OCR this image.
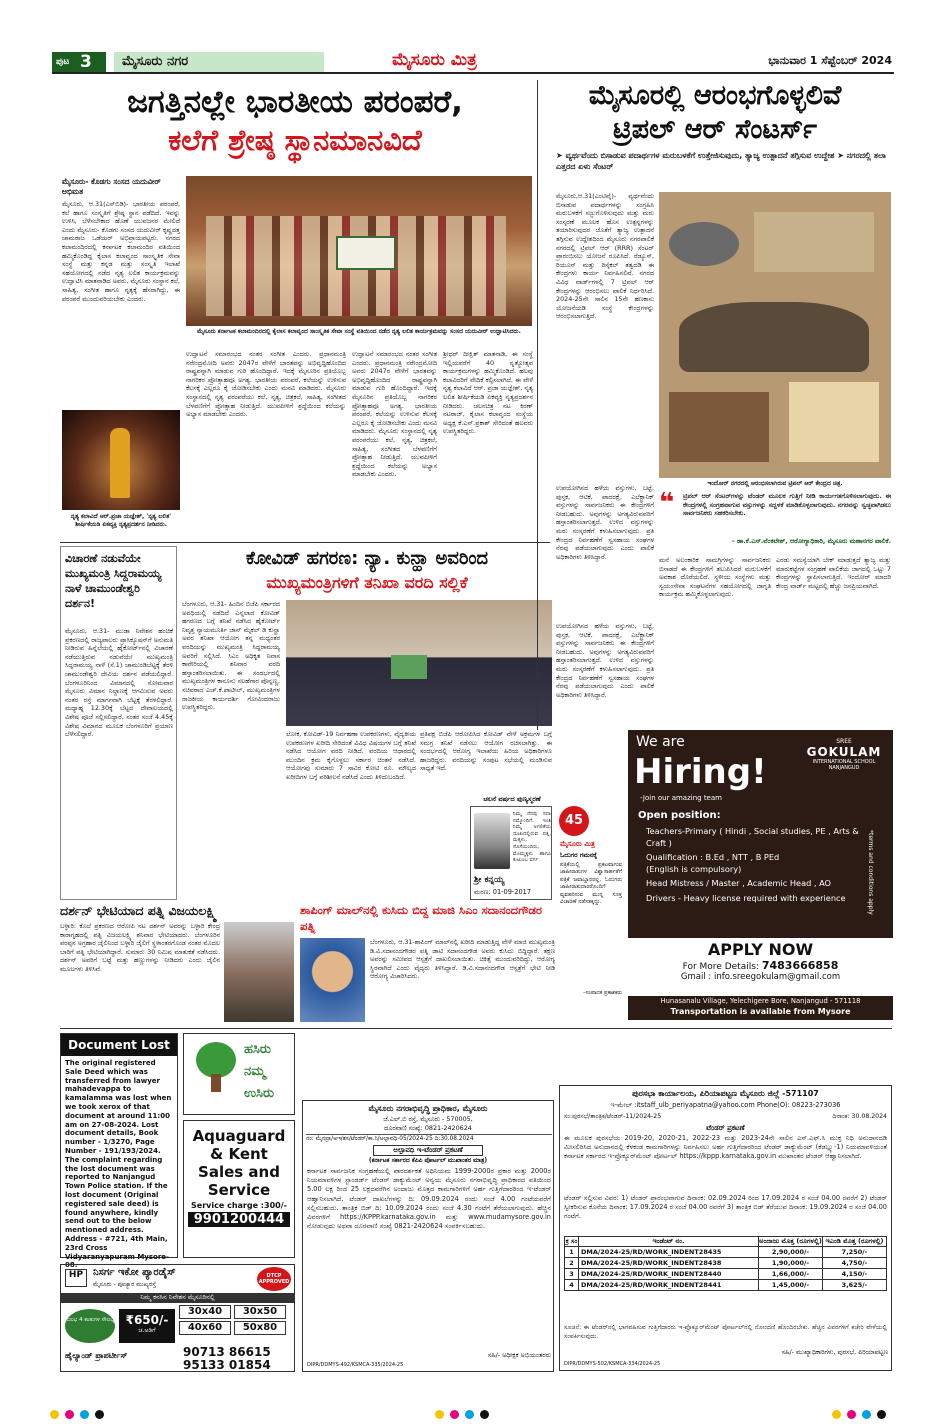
ಪುಟ 3	ಮೈಸೂರು ನಗರ	ಮೈಸೂರು ಮಿತ್ರ	ಭಾನುವಾರ 1 ಸೆಪ್ಟೆಂಬರ್ 2024
ಜಗತ್ತಿನಲ್ಲೇ ಭಾರತೀಯ ಪರಂಪರೆ,
ಕಲೆಗೆ ಶ್ರೇಷ್ಠ ಸ್ಥಾನಮಾನವಿದೆ
ಮೈಸೂರು- ಕೊಡಗು ಸಂಸದ ಯದುವೀರ್ ಅಭಿಮತ
ಮೈಸೂರು, ಆ.31(ಎಸ್‌ಬಿಡಿ)- ಭಾರತೀಯ ಪರಂಪರೆ, ಕಲೆ ಹಾಗೂ ಸಂಸ್ಕೃತಿಗೆ ಶ್ರೇಷ್ಠ ಸ್ಥಾನ ಪಡೆದಿದೆ. ಇವನ್ನು ಉಳಿಸಿ, ಬೆಳೆಸಬೇಕಾದ ಹೊಣೆ ಯುವಜನರ ಮೇಲಿದೆ ಎಂದು ಮೈಸೂರು- ಕೊಡಗು ಸಂಸದ ಯದುವೀರ್ ಕೃಷ್ಣದತ್ತ ಚಾಮರಾಜ ಒಡೆಯರ್ ಅಭಿಪ್ರಾಯಪಟ್ಟರು. ನಗರದ ಕಲಾಮಂದಿರದಲ್ಲಿ ಕರ್ನಾಟಕ ಕಲಾಮಂದಿರ ವತಿಯಿಂದ ಹಮ್ಮಿಕೊಂಡಿದ್ದ ಕೈಲಾಸ ಕಲಾವೃಂದ ಸಾಂಸ್ಕೃತಿಕ ಸೇವಾ ಸಂಸ್ಥೆ ಮತ್ತು ಕನ್ನಡ ಮತ್ತು ಸಂಸ್ಕೃತಿ ಇಲಾಖೆ ಸಹಯೋಗದಲ್ಲಿ ನಡೆದ ನೃತ್ಯ ಲಲಿತ ಕಾರ್ಯಕ್ರಮವನ್ನು ಉದ್ಘಾಟಿಸಿ ಮಾತನಾಡಿದ ಅವರು, ಮೈಸೂರು ಸಂಸ್ಥಾನ ಕಲೆ, ಸಾಹಿತ್ಯ, ಸಂಗೀತ ಹಾಗೂ ನೃತ್ಯಕ್ಕೆ ಹೆಸರಾಗಿದ್ದು, ಈ ಪರಂಪರೆ ಮುಂದುವರಿಯಬೇಕು ಎಂದರು.
ಮೈಸೂರು ಕರ್ನಾಟಕ ಕಲಾಮಂದಿರದಲ್ಲಿ ಕೈಲಾಸ ಕಲಾವೃಂದ ಸಾಂಸ್ಕೃತಿಕ ಸೇವಾ ಸಂಸ್ಥೆ ವತಿಯಿಂದ ನಡೆದ ನೃತ್ಯ ಲಲಿತ ಕಾರ್ಯಕ್ರಮವನ್ನು ಸಂಸದ ಯದುವೀರ್ ಉದ್ಘಾಟಿಸಿದರು.
ಉದ್ಘಾಟನೆ ಸಮಾರಂಭದ ನಂತರ ಸಂಗೀತ ಎಂದರು. ಪ್ರಧಾನಮಂತ್ರಿ ನರೇಂದ್ರಮೋದಿ ಅವರು 2047ರ ವೇಳೆಗೆ ಭಾರತವನ್ನು ಅಭಿವೃದ್ಧಿಹೊಂದಿದ ರಾಷ್ಟ್ರವನ್ನಾಗಿ ಮಾಡುವ ಗುರಿ ಹೊಂದಿದ್ದಾರೆ. ಇದಕ್ಕೆ ಮೈಸೂರಿನ ಪ್ರತಿಯೊಬ್ಬ ನಾಗರಿಕರ ಪ್ರೋತ್ಸಾಹವೂ ಅಗತ್ಯ. ಭಾರತೀಯ ಪರಂಪರೆ, ಕಲೆಯನ್ನು ಉಳಿಸುವ ಕೆಲಸಕ್ಕೆ ಎಲ್ಲರೂ ಕೈ ಜೋಡಿಸಬೇಕು ಎಂದು ಮನವಿ ಮಾಡಿದರು. ಮೈಸೂರು ಸಂಸ್ಥಾನದಲ್ಲಿ ನೃತ್ಯ ಪರಂಪರೆಯು ಕಲೆ, ನೃತ್ಯ, ಚಿತ್ರಕಲೆ, ಸಾಹಿತ್ಯ, ಸಂಗೀತದ ಬೆಳವಣಿಗೆಗೆ ಪ್ರೋತ್ಸಾಹ ನೀಡುತ್ತಿದೆ. ಯುವಪೀಳಿಗೆ ಶ್ರದ್ಧೆಯಿಂದ ಕಲೆಯನ್ನು ಅಭ್ಯಾಸ ಮಾಡಬೇಕು ಎಂದರು.
ಉದ್ಘಾಟನೆ ಸಮಾರಂಭದ ನಂತರ ಸಂಗೀತ ಎಂದರು. ಪ್ರಧಾನಮಂತ್ರಿ ನರೇಂದ್ರಮೋದಿ ಅವರು 2047ರ ವೇಳೆಗೆ ಭಾರತವನ್ನು ಅಭಿವೃದ್ಧಿಹೊಂದಿದ ರಾಷ್ಟ್ರವನ್ನಾಗಿ ಮಾಡುವ ಗುರಿ ಹೊಂದಿದ್ದಾರೆ. ಇದಕ್ಕೆ ಮೈಸೂರಿನ ಪ್ರತಿಯೊಬ್ಬ ನಾಗರಿಕರ ಪ್ರೋತ್ಸಾಹವೂ ಅಗತ್ಯ. ಭಾರತೀಯ ಪರಂಪರೆ, ಕಲೆಯನ್ನು ಉಳಿಸುವ ಕೆಲಸಕ್ಕೆ ಎಲ್ಲರೂ ಕೈ ಜೋಡಿಸಬೇಕು ಎಂದು ಮನವಿ ಮಾಡಿದರು. ಮೈಸೂರು ಸಂಸ್ಥಾನದಲ್ಲಿ ನೃತ್ಯ ಪರಂಪರೆಯು ಕಲೆ, ನೃತ್ಯ, ಚಿತ್ರಕಲೆ, ಸಾಹಿತ್ಯ, ಸಂಗೀತದ ಬೆಳವಣಿಗೆಗೆ ಪ್ರೋತ್ಸಾಹ ನೀಡುತ್ತಿದೆ. ಯುವಪೀಳಿಗೆ ಶ್ರದ್ಧೆಯಿಂದ ಕಲೆಯನ್ನು ಅಭ್ಯಾಸ ಮಾಡಬೇಕು ಎಂದರು.
ಶ್ರೀಧರ್ ದೀಕ್ಷಿತ್ ಮಾತನಾಡಿ, ಈ ಸಂಸ್ಥೆ ಇಲ್ಲಿಯವರೆಗೆ 40 ನೃತ್ಯೋತ್ಸವ ಕಾರ್ಯಕ್ರಮಗಳನ್ನು ಹಮ್ಮಿಕೊಂಡಿದೆ. ಹಲವು ಕಲಾವಿದರಿಗೆ ವೇದಿಕೆ ಕಲ್ಪಿಸಲಾಗಿದೆ. ಈ ವೇಳೆ ನೃತ್ಯ ಕಲಾವಿದೆ ಆರ್. ಪ್ರಜಾ ಯಜ್ಞೇಶ್, ನೃತ್ಯ ಲಲಿತ ಶೀರ್ಷಿಕೆಯಡಿ ಏಕವ್ಯಕ್ತಿ ನೃತ್ಯಪ್ರದರ್ಶನ ನೀಡಿದರು. ಚಲನಚಿತ್ರ ನಟ ಕಿರಣ್ ನಟರಾಜ್, ಕೈಲಾಸ ಕಲಾವೃಂದ ಸಂಸ್ಥೆಯ ಅಧ್ಯಕ್ಷ ಕೆ.ಎನ್.ಪ್ರಕಾಶ್ ಸೇರಿದಂತೆ ಹಲವರು ಉಪಸ್ಥಿತರಿದ್ದರು.
ನೃತ್ಯ ಕಲಾವಿದೆ ಆರ್.ಪ್ರಜಾ ಯಜ್ಞೇಶ್, 'ನೃತ್ಯ ಲಲಿತ' ಶೀರ್ಷಿಕೆಯಡಿ ಏಕವ್ಯಕ್ತಿ ನೃತ್ಯಪ್ರದರ್ಶನ ನೀಡಿದರು.
ಮೈಸೂರಲ್ಲಿ ಆರಂಭಗೊಳ್ಳಲಿವೆ
ಟ್ರಿಪಲ್ ಆರ್ ಸೆಂಟರ್ಸ್
➤ ವ್ಯರ್ಥವೆಂದು ಬಿಸಾಡುವ ಪದಾರ್ಥಗಳ ಮರುಬಳಕೆಗೆ ಉತ್ತೇಜಿಸುವುದು, ತ್ಯಾಜ್ಯ ಉತ್ಪಾದನೆ ತಗ್ಗಿಸುವ ಉದ್ದೇಶ ➤ ನಗರದಲ್ಲಿ ತಲಾ ಎತ್ತರದ ಏಳು ಸೆಂಟರ್
ಮೈಸೂರು,ಆ.31(ಎಂಟಿವೈ)- ವ್ಯರ್ಥವೆಂದು ಬಿಸಾಡುವ ಪದಾರ್ಥಗಳನ್ನು ಸಂಗ್ರಹಿಸಿ ಮರುಬಳಕೆಗೆ ಸಜ್ಜುಗೊಳಿಸುವುದು ಮತ್ತು ಮರು ಸಂಸ್ಕರಣೆ ಮೂಲಕ ಹೊಸ ಉತ್ಪನ್ನಗಳನ್ನು ತಯಾರಿಸುವುದರ ಜೊತೆಗೆ ತ್ಯಾಜ್ಯ ಉತ್ಪಾದನೆ ತಗ್ಗಿಸುವ ಉದ್ದೇಶದಿಂದ ಮೈಸೂರು ನಗರಪಾಲಿಕೆ ನಗರದಲ್ಲಿ ಟ್ರಿಪಲ್ ಆರ್ (RRR) ಸೆಂಟರ್ ಪ್ರಾರಂಭಿಸಲು ಯೋಜನೆ ರೂಪಿಸಿದೆ. ರೆಡ್ಯೂಸ್, ರಿಯೂಸ್ ಮತ್ತು ರಿಸೈಕಲ್ ತತ್ವದಡಿ ಈ ಕೇಂದ್ರಗಳು ಕಾರ್ಯ ನಿರ್ವಹಿಸಲಿವೆ. ನಗರದ ವಿವಿಧ ವಾರ್ಡ್‌ಗಳಲ್ಲಿ 7 ಟ್ರಿಪಲ್ ಆರ್ ಕೇಂದ್ರಗಳನ್ನು ಆರಂಭಿಸಲು ಪಾಲಿಕೆ ನಿರ್ಧರಿಸಿದೆ. 2024-25ನೇ ಸಾಲಿನ 15ನೇ ಹಣಕಾಸು ಯೋಜನೆಯಡಿ ಸಂಸ್ಥೆ ಕೇಂದ್ರಗಳನ್ನು ಆರಂಭಿಸಲಾಗುತ್ತಿದೆ.
ಇಂದೋರ್ ನಗರದಲ್ಲಿ ಆರಂಭಿಸಲಾಗಿರುವ ಟ್ರಿಪಲ್ ಆರ್ ಕೇಂದ್ರದ ಚಿತ್ರ.
❝ ಟ್ರಿಪಲ್ ಆರ್ ಸೆಂಟರ್‌ಗಳನ್ನು ಟೆಂಡರ್ ಮೂಲಕ ಗುತ್ತಿಗೆ ನೀಡಿ ಕಾರ್ಯಗತಗೊಳಿಸಲಾಗುವುದು. ಈ ಕೇಂದ್ರಗಳಲ್ಲಿ ಸಂಗ್ರಹವಾಗುವ ವಸ್ತುಗಳನ್ನು ಸದ್ಬಳಕೆ ಮಾಡಿಕೊಳ್ಳಲಾಗುವುದು. ನಗರವನ್ನು ಸ್ವಚ್ಛವಾಗಿಡಲು ಸಾರ್ವಜನಿಕರು ಸಹಕರಿಸಬೇಕು.
– ಡಾ.ಕೆ.ಎಸ್.ವೆಂಕಟೇಶ್, ಆರೋಗ್ಯಾಧಿಕಾರಿ, ಮೈಸೂರು ಮಹಾನಗರ ಪಾಲಿಕೆ.
ಉಪಯೋಗಿಸದ ಹಳೆಯ ವಸ್ತುಗಳು, ಬಟ್ಟೆ, ಪುಸ್ತಕ, ಆಟಿಕೆ, ಪಾದರಕ್ಷೆ, ಎಲೆಕ್ಟ್ರಾನಿಕ್ ವಸ್ತುಗಳನ್ನು ಸಾರ್ವಜನಿಕರು ಈ ಕೇಂದ್ರಗಳಿಗೆ ನೀಡಬಹುದು. ಅವುಗಳನ್ನು ಅಗತ್ಯವಿರುವವರಿಗೆ ಹಸ್ತಾಂತರಿಸಲಾಗುತ್ತದೆ. ಉಳಿದ ವಸ್ತುಗಳನ್ನು ಮರು ಸಂಸ್ಕರಣೆಗೆ ಕಳುಹಿಸಲಾಗುವುದು. ಪ್ರತಿ ಕೇಂದ್ರದ ನಿರ್ವಹಣೆಗೆ ಸ್ವಸಹಾಯ ಸಂಘಗಳ ನೆರವು ಪಡೆಯಲಾಗುವುದು ಎಂದು ಪಾಲಿಕೆ ಅಧಿಕಾರಿಗಳು ತಿಳಿಸಿದ್ದಾರೆ.	ಮನೆ ಅಲಂಕಾರಿಕ ಸಾಮಗ್ರಿಗಳನ್ನು ಸಾರ್ವಜನಿಕರು ಬಿಸಾಡದೆ ಈ ಕೇಂದ್ರಗಳಿಗೆ ತಲುಪಿಸಿದರೆ ಮರುಬಳಕೆಗೆ ಅವಕಾಶ ದೊರೆಯಲಿದೆ. ಸ್ಥಳೀಯ ಸಂಸ್ಥೆಗಳು ಮತ್ತು ಸ್ವಯಂಸೇವಾ ಸಂಘಟನೆಗಳ ಸಹಯೋಗದಲ್ಲಿ ಜಾಗೃತಿ ಕಾರ್ಯಕ್ರಮ ಹಮ್ಮಿಕೊಳ್ಳಲಾಗುವುದು.
ಎರಡು ಸಮಸ್ಯೆಯಾಗಿ ಬೇಕ್ ಮಾಡುತ್ತದೆ ತ್ಯಾಜ್ಯ ಮತ್ತು ಮಾರುಕಟ್ಟೆಗಳ ಸಂಗ್ರಹಣೆ ಪಾಲಿಕೆಯ ಜಾಗದಲ್ಲಿ ಒಟ್ಟು 7 ಕೇಂದ್ರಗಳನ್ನು ಸ್ಥಾಪಿಸಲಾಗುತ್ತಿದೆ. ಇಂದೋರ್ ಮಾದರಿ ಕೇಂದ್ರ ವಾರ್ಡ್ ಮಟ್ಟದಲ್ಲಿ ಹೆಚ್ಚು ಜನಪ್ರಿಯವಾಗಿದೆ.
ಉಪಯೋಗಿಸದ ಹಳೆಯ ವಸ್ತುಗಳು, ಬಟ್ಟೆ, ಪುಸ್ತಕ, ಆಟಿಕೆ, ಪಾದರಕ್ಷೆ, ಎಲೆಕ್ಟ್ರಾನಿಕ್ ವಸ್ತುಗಳನ್ನು ಸಾರ್ವಜನಿಕರು ಈ ಕೇಂದ್ರಗಳಿಗೆ ನೀಡಬಹುದು. ಅವುಗಳನ್ನು ಅಗತ್ಯವಿರುವವರಿಗೆ ಹಸ್ತಾಂತರಿಸಲಾಗುತ್ತದೆ. ಉಳಿದ ವಸ್ತುಗಳನ್ನು ಮರು ಸಂಸ್ಕರಣೆಗೆ ಕಳುಹಿಸಲಾಗುವುದು. ಪ್ರತಿ ಕೇಂದ್ರದ ನಿರ್ವಹಣೆಗೆ ಸ್ವಸಹಾಯ ಸಂಘಗಳ ನೆರವು ಪಡೆಯಲಾಗುವುದು ಎಂದು ಪಾಲಿಕೆ ಅಧಿಕಾರಿಗಳು ತಿಳಿಸಿದ್ದಾರೆ.
ವಿಚಾರಣೆ ನಡುವೆಯೇ ಮುಖ್ಯಮಂತ್ರಿ ಸಿದ್ದರಾಮಯ್ಯ ನಾಳೆ ಚಾಮುಂಡೇಶ್ವರಿ ದರ್ಶನ!
ಮೈಸೂರು, ಆ.31- ಮುಡಾ ನಿವೇಶನ ಹಂಚಿಕೆ ಪ್ರಕರಣದಲ್ಲಿ ರಾಜ್ಯಪಾಲರು ಪ್ರಾಸಿಕ್ಯೂಷನ್‌ಗೆ ಅನುಮತಿ ನೀಡಿರುವ ಹಿನ್ನೆಲೆಯಲ್ಲಿ ಹೈಕೋರ್ಟ್‌ನಲ್ಲಿ ವಿಚಾರಣೆ ನಡೆಯುತ್ತಿರುವ ನಡುವೆಯೇ ಮುಖ್ಯಮಂತ್ರಿ ಸಿದ್ದರಾಮಯ್ಯ ನಾಳೆ (ಸೆ.1) ಚಾಮುಂಡಿಬೆಟ್ಟಕ್ಕೆ ತೆರಳಿ ಚಾಮುಂಡೇಶ್ವರಿ ದೇವಿಯ ದರ್ಶನ ಪಡೆಯಲಿದ್ದಾರೆ. ಬೆಂಗಳೂರಿನಿಂದ ವಿಮಾನದಲ್ಲಿ ಸೋಮವಾರ ಮೈಸೂರು ವಿಮಾನ ನಿಲ್ದಾಣಕ್ಕೆ ಆಗಮಿಸುವ ಅವರು ನಂತರ ರಸ್ತೆ ಮಾರ್ಗವಾಗಿ ಬೆಟ್ಟಕ್ಕೆ ತೆರಳಲಿದ್ದಾರೆ. ಮಧ್ಯಾಹ್ನ 12.30ಕ್ಕೆ ಬೆಟ್ಟದ ದೇವಾಲಯದಲ್ಲಿ ವಿಶೇಷ ಪೂಜೆ ಸಲ್ಲಿಸಲಿದ್ದಾರೆ. ನಂತರ ಸಂಜೆ 4.45ಕ್ಕೆ ವಿಶೇಷ ವಿಮಾನದ ಮೂಲಕ ಬೆಂಗಳೂರಿಗೆ ಪ್ರಯಾಣ ಬೆಳೆಸಲಿದ್ದಾರೆ.
ಕೋವಿಡ್ ಹಗರಣ: ನ್ಯಾ. ಕುನ್ಹಾ ಅವರಿಂದ
ಮುಖ್ಯಮಂತ್ರಿಗಳಿಗೆ ತನಿಖಾ ವರದಿ ಸಲ್ಲಿಕೆ
ಬೆಂಗಳೂರು, ಆ.31- ಹಿಂದಿನ ಬಿಜೆಪಿ ಸರ್ಕಾರದ ಅವಧಿಯಲ್ಲಿ ನಡೆದಿದೆ ಎನ್ನಲಾದ ಕೋವಿಡ್ ಹಗರಣದ ಬಗ್ಗೆ ತನಿಖೆ ನಡೆಸಿದ ಹೈಕೋರ್ಟ್ ನಿವೃತ್ತ ನ್ಯಾಯಮೂರ್ತಿ ಜಾನ್ ಮೈಕಲ್ ಡಿ ಕುನ್ಹಾ ಅವರ ತನಿಖಾ ಆಯೋಗ ತನ್ನ ಮಧ್ಯಂತರ ವರದಿಯನ್ನು ಮುಖ್ಯಮಂತ್ರಿ ಸಿದ್ದರಾಮಯ್ಯ ಅವರಿಗೆ ಸಲ್ಲಿಸಿದೆ. ಸಿಎಂ ಅಧಿಕೃತ ನಿವಾಸ ಕಾವೇರಿಯಲ್ಲಿ ಶನಿವಾರ ವರದಿ ಹಸ್ತಾಂತರಿಸಲಾಯಿತು. ಈ ಸಂದರ್ಭದಲ್ಲಿ ಮುಖ್ಯಮಂತ್ರಿಗಳ ಕಾನೂನು ಸಲಹೆಗಾರ ಪೊನ್ನಣ್ಣ, ಸಚಿವರಾದ ಎಚ್.ಕೆ.ಪಾಟೀಲ್, ಮುಖ್ಯಮಂತ್ರಿಗಳ ರಾಜಕೀಯ ಕಾರ್ಯದರ್ಶಿ ಗೋವಿಂದರಾಜು ಉಪಸ್ಥಿತರಿದ್ದರು.
ಲೋಕ, ಕೋವಿಡ್-19 ನಿರ್ವಹಣಾ ಉಪಕರಣಗಳು, ವೈದ್ಯಕೀಯ ಉಪಕರಣಗಳ ಖರೀದಿ ಸೇರಿದಂತೆ ವಿವಿಧ ವಿಷಯಗಳ ಬಗ್ಗೆ ತನಿಖೆ ನಡೆಸಿದ ಆಯೋಗ ವರದಿ ನೀಡಿದೆ. ವರದಿಯ ಆಧಾರದಲ್ಲಿ ಮುಂದಿನ ಕ್ರಮ ಕೈಗೊಳ್ಳಲು ಸರ್ಕಾರ ಚಿಂತನೆ ನಡೆಸಿದೆ. ಆಯೋಗವು ಸುಮಾರು 7 ಸಾವಿರ ಕೋಟಿ ರೂ. ಮೌಲ್ಯದ ಖರೀದಿಗಳ ಬಗ್ಗೆ ಪರಿಶೀಲನೆ ನಡೆಸಿದೆ ಎಂದು ತಿಳಿದುಬಂದಿದೆ.
ಪ್ರತಿಪಕ್ಷ ಬಿಜೆಪಿ ಆರೋಪಿಸಿದ ಕೋವಿಡ್ ವೇಳೆ ಅಕ್ರಮಗಳ ಬಗ್ಗೆ ಸಮಗ್ರ ತನಿಖೆ ನಡೆಸಲು ಆಯೋಗ ರಚಿಸಲಾಗಿತ್ತು. ಈ ಸಂದರ್ಭದಲ್ಲಿ ಆರೋಗ್ಯ ಇಲಾಖೆಯ ಹಿರಿಯ ಅಧಿಕಾರಿಗಳೂ ಹಾಜರಿದ್ದರು. ವರದಿಯನ್ನು ಸಂಪುಟ ಸಭೆಯಲ್ಲಿ ಮಂಡಿಸುವ ಸಾಧ್ಯತೆ ಇದೆ.
ಚಲನೆ ವರ್ಷದ ಪುಣ್ಯಸ್ಮರಣೆ
ನಿಮ್ಮ ನೆನಪು ಸದಾ ನಮ್ಮೊಂದಿಗೆ. ಇಂತಿ ನಿಮ್ಮ ಅಗಲಿಕೆಯ ದುಃಖದಲ್ಲಿರುವ ಪತ್ನಿ, ಮಕ್ಕಳು, ಸೊಸೆಯಂದಿರು, ಮೊಮ್ಮಕ್ಕಳು ಹಾಗೂ ಕುಟುಂಬ ವರ್ಗ
ಶ್ರೀ ಕನ್ನಯ್ಯ
ಮರಣ: 01-09-2017
ದರ್ಶನ್ ಭೇಟಿಯಾದ ಪತ್ನಿ ವಿಜಯಲಕ್ಷ್ಮಿ
ಬಳ್ಳಾರಿ: ಕೊಲೆ ಪ್ರಕರಣದ ಆರೋಪಿ ನಟ ದರ್ಶನ್ ಅವರನ್ನು ಬಳ್ಳಾರಿ ಕೇಂದ್ರ ಕಾರಾಗೃಹದಲ್ಲಿ ಪತ್ನಿ ವಿಜಯಲಕ್ಷ್ಮಿ ಶನಿವಾರ ಭೇಟಿಯಾದರು. ಬೆಂಗಳೂರಿನ ಪರಪ್ಪನ ಅಗ್ರಹಾರ ಜೈಲಿನಿಂದ ಬಳ್ಳಾರಿ ಜೈಲಿಗೆ ಸ್ಥಳಾಂತರಗೊಂಡ ನಂತರ ಮೊದಲ ಬಾರಿಗೆ ಪತ್ನಿ ಭೇಟಿಯಾಗಿದ್ದಾರೆ. ಸುಮಾರು 30 ನಿಮಿಷ ಮಾತುಕತೆ ನಡೆಸಿದರು. ದರ್ಶನ್ ಅವರಿಗೆ ಬಟ್ಟೆ ಮತ್ತು ಹಣ್ಣುಗಳನ್ನು ನೀಡಿದರು ಎಂದು ಜೈಲಿನ ಮೂಲಗಳು ತಿಳಿಸಿವೆ.
ಶಾಪಿಂಗ್ ಮಾಲ್‌ನಲ್ಲಿ ಕುಸಿದು ಬಿದ್ದ ಮಾಜಿ ಸಿಎಂ ಸದಾನಂದಗೌಡರ ಪತ್ನಿ
ಬೆಂಗಳೂರು, ಆ.31-ಶಾಪಿಂಗ್ ಮಾಲ್‌ನಲ್ಲಿ ಖರೀದಿ ಮಾಡುತ್ತಿದ್ದ ವೇಳೆ ಮಾಜಿ ಮುಖ್ಯಮಂತ್ರಿ ಡಿ.ವಿ.ಸದಾನಂದಗೌಡರ ಪತ್ನಿ ಡಾಟಿ ಸದಾನಂದಗೌಡ ಅವರು ಕುಸಿದು ಬಿದ್ದಿದ್ದಾರೆ. ತಕ್ಷಣ ಅವರನ್ನು ಸಮೀಪದ ಆಸ್ಪತ್ರೆಗೆ ದಾಖಲಿಸಲಾಯಿತು. ಚಿಕಿತ್ಸೆ ಮುಂದುವರಿದಿದ್ದು, ಆರೋಗ್ಯ ಸ್ಥಿರವಾಗಿದೆ ಎಂದು ವೈದ್ಯರು ತಿಳಿಸಿದ್ದಾರೆ. ಡಿ.ವಿ.ಸದಾನಂದಗೌಡ ಆಸ್ಪತ್ರೆಗೆ ಭೇಟಿ ನೀಡಿ ಆರೋಗ್ಯ ವಿಚಾರಿಸಿದರು.
45
We are
Hiring!
-Join our amazing team
SREE
GOKULAM
INTERNATIONAL SCHOOL
NANJANGUD
Open position:
Teachers-Primary ( Hindi , Social studies, PE , Arts & Craft )
Qualification : B.Ed , NTT , B PEd
(English is compulsory)
Head Mistress / Master , Academic Head , AO
Drivers - Heavy license required with experience	*terms and conditions apply
APPLY NOW
For More Details: 7483666858
Gmail : info.sreegokulam@gmail.com
Hunasanalu Village, Yelechigere Bore, Nanjangud - 571118
Transportation is available from Mysore
Document Lost
The original registered Sale Deed which was transferred from lawyer mahadevappa to kamalamma was lost when we took xerox of that document at around 11:00 am on 27-08-2024. Lost document details, Book number - 1/3270, Page Number - 191/193/2024. The complaint regarding the lost document was reported to Nanjangud Town Police station. If the lost document (Original registered sale deed) is found anywhere, kindly send out to the below mentioned address. Address - #721, 4th Main, 23rd Cross Vidyaranyapuram Mysore-08.
ಹಸಿರು
ನಮ್ಮ
ಉಸಿರು
Aquaguard
& Kent
Sales and
Service
Service charge :300/-
9901200444
HP ನಿಸರ್ಗ ಇಕೋ ಪ್ಯಾರಡೈಸ್
ಮೈಸೂರು - ಪೂಜ್ಯಾರ ಮುಖ್ಯರಸ್ತೆ
DTCP APPROVED
ನಿಮ್ಮ ಕನಸಿನ ನಿವೇಶನ ಮೈಸೂರಿನಲ್ಲಿ
30x40	30x50
40x60	50x80
ಸುಲಭ 4 ಕಂತುಗಳ ಸೌಲಭ್ಯ ₹650/-
ಚ.ಅಡಿಗೆ
ಹೈಲ್ಯಾಂಡ್ ಪ್ರಾಪರ್ಟೀಸ್	90713 86615
95133 01854
ಮೈಸೂರು ನಗರಾಭಿವೃದ್ಧಿ ಪ್ರಾಧಿಕಾರ, ಮೈಸೂರು
ಜೆ.ಎಲ್.ಬಿ ರಸ್ತೆ, ಮೈಸೂರು - 570005,
ದೂರವಾಣಿ ಸಂಖ್ಯೆ: 0821-2420624
ನಂ: ಮೈನಪ್ರಾ/ಅಇ/ತಸ/ಟೆಂಡರ್/ಕಾ.ನಿ/ಅಲ್ಪಾವಧಿ-05/2024-25 ದಿ:30.08.2024
ಅಲ್ಪಾವಧಿ ಇ-ಟೆಂಡರ್ ಪ್ರಕಟಣೆ
(ಕರ್ನಾಟಕ ಸರ್ಕಾರದ ಕೆಪಿಪಿ ಪೋರ್ಟಲ್ ಮುಖಾಂತರ ಮಾತ್ರ)
ಕರ್ನಾಟಕ ಸಾರ್ವಜನಿಕ ಸಂಗ್ರಹಣೆಯಲ್ಲಿ ಪಾರದರ್ಶಕತೆ ಅಧಿನಿಯಮ 1999-2000ರ ಪ್ರಕಾರ ಮತ್ತು 2000ರ ನಿಯಮಾವಳಿಗಳ ಸ್ಟಾಂಡರ್ಡ್ ಟೆಂಡರ್ ಡಾಕ್ಯುಮೆಂಟ್ ಅನ್ವಯ ಮೈಸೂರು ನಗರಾಭಿವೃದ್ಧಿ ಪ್ರಾಧಿಕಾರದ ವತಿಯಿಂದ 5.00 ಲಕ್ಷ ರಿಂದ 25 ಲಕ್ಷದವರೆಗಿನ ಅಂದಾಜು ಮೊತ್ತದ ಕಾಮಗಾರಿಗಳಿಗೆ ಅರ್ಹ ಗುತ್ತಿಗೆದಾರರಿಂದ ಇ-ಟೆಂಡರ್ ಆಹ್ವಾನಿಸಲಾಗಿದೆ. ಟೆಂಡರ್ ದಾಖಲೆಗಳನ್ನು ದಿ: 09.09.2024 ರಂದು ಸಂಜೆ 4.00 ಗಂಟೆಯವರೆಗೆ ಸಲ್ಲಿಸಬಹುದು. ತಾಂತ್ರಿಕ ಬಿಡ್ ದಿ: 10.09.2024 ರಂದು ಸಂಜೆ 4.30 ಗಂಟೆಗೆ ತೆರೆಯಲಾಗುವುದು. ಹೆಚ್ಚಿನ ವಿವರಗಳಿಗೆ https://KPPP.karnataka.gov.in ಮತ್ತು www.mudamysore.gov.in ನೋಡುವುದು ಅಥವಾ ದೂರವಾಣಿ ಸಂಖ್ಯೆ 0821-2420624 ಸಂಪರ್ಕಿಸಬಹುದು.
ಸಹಿ/- ಅಧೀಕ್ಷಕ ಅಭಿಯಂತರರು
DIPR/DDMYS-492/KSMCA-335/2024-25
ಪುರಸಭಾ ಕಾರ್ಯಾಲಯ, ಪಿರಿಯಾಪಟ್ಟಣ ಮೈಸೂರು ಜಿಲ್ಲೆ -571107
ಇ-ಮೇಲ್ :itstaff_ulb_periyapatna@yahoo.com Phone(O): 08223-273036
ಸಂ:ಪುರಸಭೆ/ತಾಂತ್ರಿಕ/ಟೆಂಡರ್-11/2024-25	ದಿನಾಂಕ: 30.08.2024
ಟೆಂಡರ್ ಪ್ರಕಟಣೆ
ಈ ಮೂಲಕ ಪುರಸಭೆಯ 2019-20, 2020-21, 2022-23 ಮತ್ತು 2023-24ನೇ ಸಾಲಿನ ಎಸ್.ಎಫ್.ಸಿ ಮುಕ್ತ ನಿಧಿ ಅನುದಾನದಡಿ ಮೀಸಲಿರಿಸಿದ ಅನುದಾನದಲ್ಲಿ ಕೆಳಕಂಡ ಕಾಮಗಾರಿಗಳನ್ನು ನಿರ್ವಹಿಸಲು ಅರ್ಹ ಗುತ್ತಿಗೆದಾರರಿಂದ ಟೆಂಡರ್ ಡಾಕ್ಯುಮೆಂಟ್ (ಕೆಡಬ್ಲ್ಯು-1) ನಿಯಮಾವಳಿಯಂತೆ ಕರ್ನಾಟಕ ಸರ್ಕಾರದ ಇ-ಪ್ರೊಕ್ಯೂರ್‌ಮೆಂಟ್ ಪೋರ್ಟಲ್ https://kppp.karnataka.gov.in ಮುಖಾಂತರ ಟೆಂಡರ್ ಆಹ್ವಾನಿಸಲಾಗಿದೆ.
ಟೆಂಡರ್ ಸಲ್ಲಿಸುವ ವಿವರ: 1) ಟೆಂಡರ್ ಪ್ರಾರಂಭವಾಗುವ ದಿನಾಂಕ: 02.09.2024 ರಿಂದ 17.09.2024 ರ ಸಂಜೆ 04.00 ರವರೆಗೆ 2) ಟೆಂಡರ್ ಸ್ವೀಕರಿಸುವ ಕೊನೆಯ ದಿನಾಂಕ: 17.09.2024 ರ ಸಂಜೆ 04.00 ರವರೆಗೆ 3) ತಾಂತ್ರಿಕ ಬಿಡ್ ತೆರೆಯುವ ದಿನಾಂಕ: 19.09.2024 ರ ಸಂಜೆ 04.00 ಗಂಟೆಗೆ.
ಕ್ರ ಸಂ	ಇಂಡೆಂಟ್ ನಂ.	ಅಂದಾಜು ಮೊತ್ತ (ರೂಗಳಲ್ಲಿ)	ಇಎಂಡಿ ಮೊತ್ತ (ರೂಗಳಲ್ಲಿ)
1	DMA/2024-25/RD/WORK_INDENT28435	2,90,000/-	7,250/-
2	DMA/2024-25/RD/WORK_INDENT28438	1,90,000/-	4,750/-
3	DMA/2024-25/RD/WORK_INDENT28440	1,66,000/-	4,150/-
4	DMA/2024-25/RD/WORK_INDENT28441	1,45,000/-	3,625/-
ಸೂಚನೆ: ಈ ಟೆಂಡರ್‌ನಲ್ಲಿ ಭಾಗವಹಿಸುವ ಗುತ್ತಿಗೆದಾರರು ಇ-ಪ್ರೊಕ್ಯೂರ್‌ಮೆಂಟ್ ಪೋರ್ಟಲ್‌ನಲ್ಲಿ ನೋಂದಣಿ ಹೊಂದಿರಬೇಕು. ಹೆಚ್ಚಿನ ವಿವರಗಳಿಗೆ ಕಚೇರಿ ವೇಳೆಯಲ್ಲಿ ಸಂಪರ್ಕಿಸುವುದು.
ಸಹಿ/- ಮುಖ್ಯಾಧಿಕಾರಿಗಳು, ಪುರಸಭೆ, ಪಿರಿಯಾಪಟ್ಟಣ
DIPR/DDMYS-502/KSMCA-334/2024-25
ಮೈಸೂರು ಮಿತ್ರ
ಓದುಗರ ಗಮನಕ್ಕೆ
ಪತ್ರಿಕೆಯಲ್ಲಿ ಪ್ರಕಟವಾಗುವ ಜಾಹೀರಾತುಗಳ ವಿಶ್ವಾಸಾರ್ಹತೆಗೆ ಪತ್ರಿಕೆ ಜವಾಬ್ದಾರರಲ್ಲ. ಓದುಗರು ಜಾಹೀರಾತುದಾರರೊಂದಿಗೆ ವ್ಯವಹರಿಸುವ ಮುನ್ನ ಸೂಕ್ತ ವಿಚಾರಣೆ ನಡೆಸತಕ್ಕದ್ದು.
–ಸಂಪಾದಕ ಪ್ರಕಾಶಕರು
